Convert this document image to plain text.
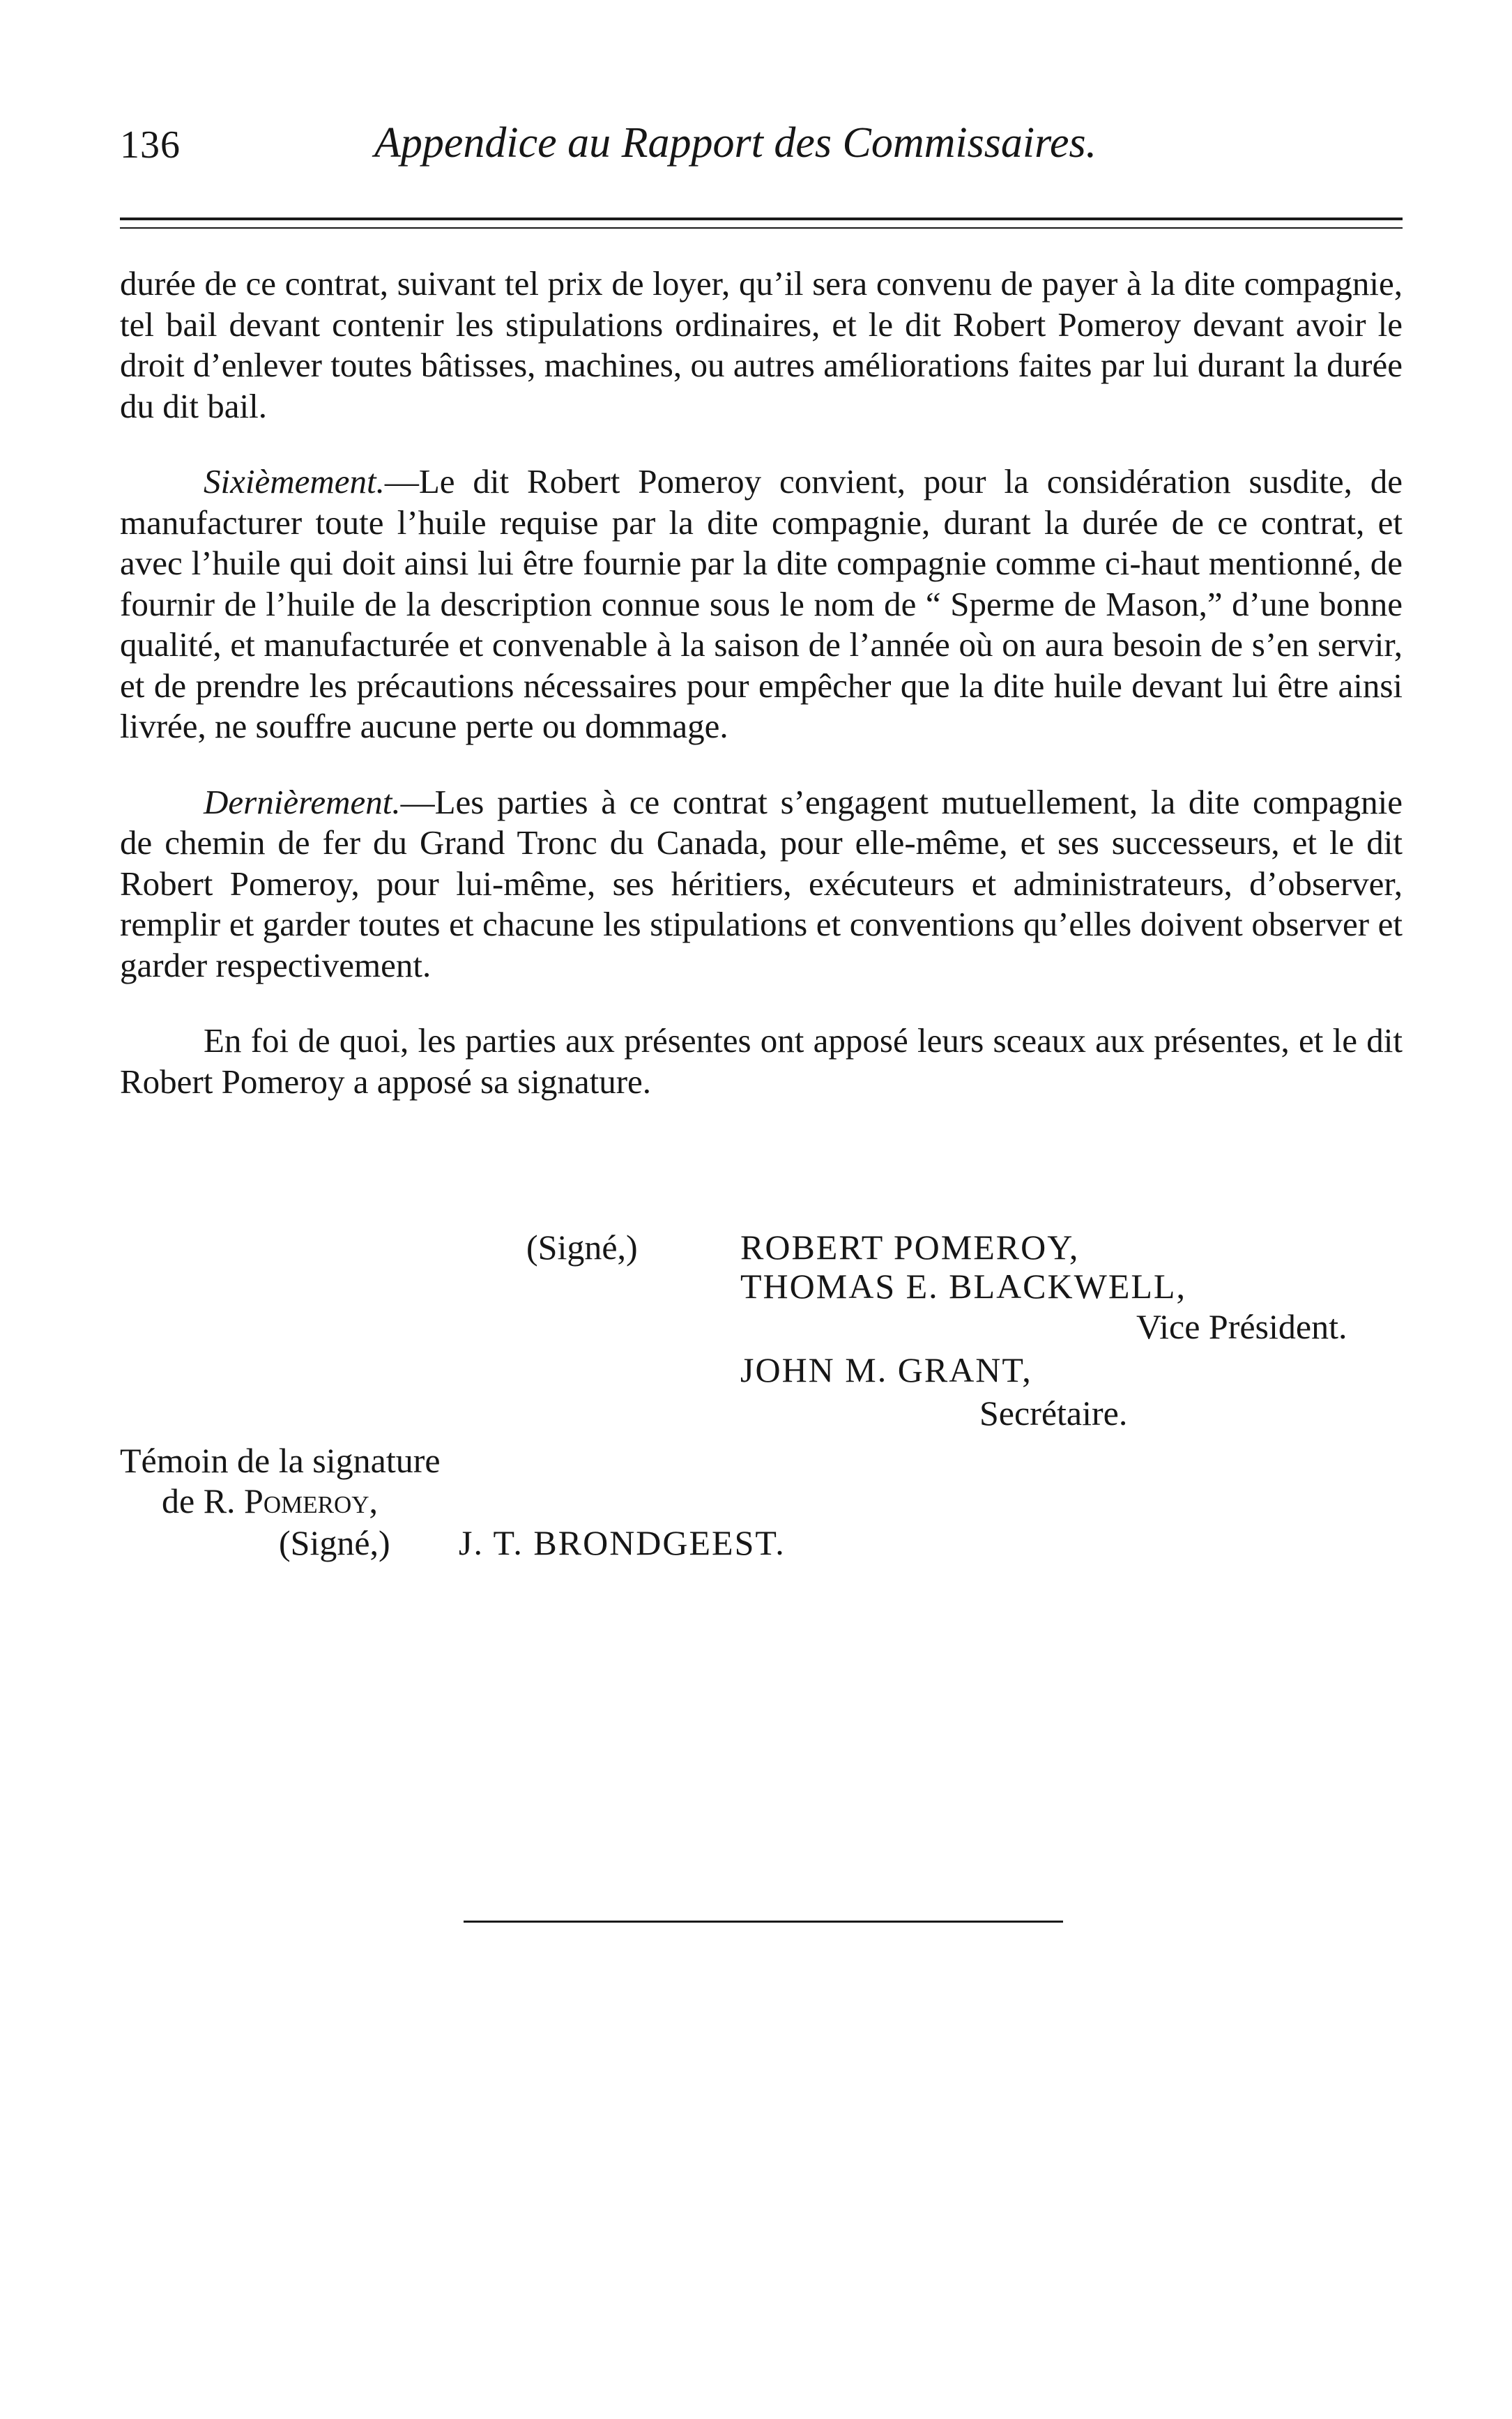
136	Appendice au Rapport des Commissaires.

durée de ce contrat, suivant tel prix de loyer, qu’il sera convenu de payer à la dite compagnie, tel bail devant contenir les stipulations ordinaires, et le dit Robert Pomeroy devant avoir le droit d’enlever toutes bâtisses, machines, ou autres améliorations faites par lui durant la durée du dit bail.

Sixièmement.—Le dit Robert Pomeroy convient, pour la considération susdite, de manufacturer toute l’huile requise par la dite compagnie, durant la durée de ce contrat, et avec l’huile qui doit ainsi lui être fournie par la dite compagnie comme ci-haut mentionné, de fournir de l’huile de la description connue sous le nom de “ Sperme de Mason,” d’une bonne qualité, et manufacturée et convenable à la saison de l’année où on aura besoin de s’en servir, et de prendre les précautions nécessaires pour empêcher que la dite huile devant lui être ainsi livrée, ne souffre aucune perte ou dommage.

Dernièrement.—Les parties à ce contrat s’engagent mutuellement, la dite compagnie de chemin de fer du Grand Tronc du Canada, pour elle-même, et ses successeurs, et le dit Robert Pomeroy, pour lui-même, ses héritiers, exécuteurs et administrateurs, d’observer, remplir et garder toutes et chacune les stipulations et conventions qu’elles doivent observer et garder respectivement.

En foi de quoi, les parties aux présentes ont apposé leurs sceaux aux présentes, et le dit Robert Pomeroy a apposé sa signature.

(Signé,)	ROBERT POMEROY,
THOMAS E. BLACKWELL,
Vice Président.
JOHN M. GRANT,
Secrétaire.
Témoin de la signature
de R. Pomeroy,
(Signé,) J. T. BRONDGEEST.
